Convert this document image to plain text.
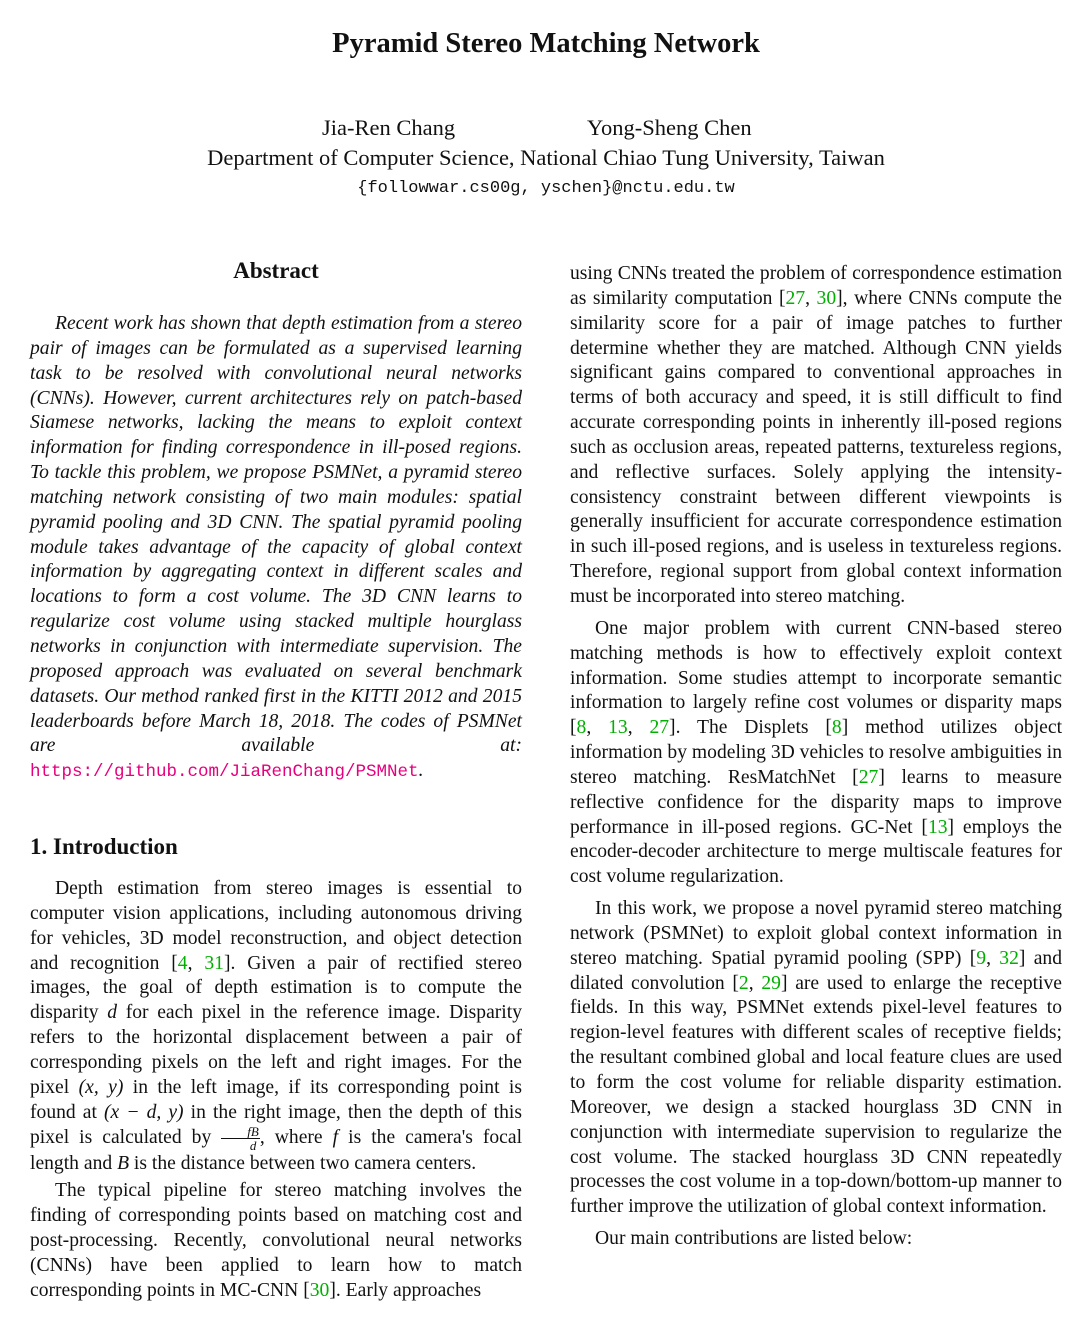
Pyramid Stereo Matching Network
Jia-Ren Chang	Yong-Sheng Chen
Department of Computer Science, National Chiao Tung University, Taiwan
{followwar.cs00g, yschen}@nctu.edu.tw
Abstract

Recent work has shown that depth estimation from a stereo pair of images can be formulated as a supervised learning task to be resolved with convolutional neural networks (CNNs). However, current architectures rely on patch-based Siamese networks, lacking the means to exploit context information for finding correspondence in ill-posed regions. To tackle this problem, we propose PSMNet, a pyramid stereo matching network consisting of two main modules: spatial pyramid pooling and 3D CNN. The spatial pyramid pooling module takes advantage of the capacity of global context information by aggregating context in different scales and locations to form a cost volume. The 3D CNN learns to regularize cost volume using stacked multiple hourglass networks in conjunction with intermediate supervision. The proposed approach was evaluated on several benchmark datasets. Our method ranked first in the KITTI 2012 and 2015 leaderboards before March 18, 2018. The codes of PSMNet are available at: https://github.com/JiaRenChang/PSMNet.

1. Introduction

Depth estimation from stereo images is essential to computer vision applications, including autonomous driving for vehicles, 3D model reconstruction, and object detection and recognition [4, 31]. Given a pair of rectified stereo images, the goal of depth estimation is to compute the disparity d for each pixel in the reference image. Disparity refers to the horizontal displacement between a pair of corresponding pixels on the left and right images. For the pixel (x, y) in the left image, if its corresponding point is found at (x − d, y) in the right image, then the depth of this pixel is calculated by $\frac{fB}{d}$ , where f is the camera's focal length and B is the distance between two camera centers.

The typical pipeline for stereo matching involves the finding of corresponding points based on matching cost and post-processing. Recently, convolutional neural networks (CNNs) have been applied to learn how to match corresponding points in MC-CNN [30]. Early approaches

using CNNs treated the problem of correspondence estimation as similarity computation [27, 30], where CNNs compute the similarity score for a pair of image patches to further determine whether they are matched. Although CNN yields significant gains compared to conventional approaches in terms of both accuracy and speed, it is still difficult to find accurate corresponding points in inherently ill-posed regions such as occlusion areas, repeated patterns, textureless regions, and reflective surfaces. Solely applying the intensity-consistency constraint between different viewpoints is generally insufficient for accurate correspondence estimation in such ill-posed regions, and is useless in textureless regions. Therefore, regional support from global context information must be incorporated into stereo matching.

One major problem with current CNN-based stereo matching methods is how to effectively exploit context information. Some studies attempt to incorporate semantic information to largely refine cost volumes or disparity maps [8, 13, 27]. The Displets [8] method utilizes object information by modeling 3D vehicles to resolve ambiguities in stereo matching. ResMatchNet [27] learns to measure reflective confidence for the disparity maps to improve performance in ill-posed regions. GC-Net [13] employs the encoder-decoder architecture to merge multiscale features for cost volume regularization.

In this work, we propose a novel pyramid stereo matching network (PSMNet) to exploit global context information in stereo matching. Spatial pyramid pooling (SPP) [9, 32] and dilated convolution [2, 29] are used to enlarge the receptive fields. In this way, PSMNet extends pixel-level features to region-level features with different scales of receptive fields; the resultant combined global and local feature clues are used to form the cost volume for reliable disparity estimation. Moreover, we design a stacked hourglass 3D CNN in conjunction with intermediate supervision to regularize the cost volume. The stacked hourglass 3D CNN repeatedly processes the cost volume in a top-down/bottom-up manner to further improve the utilization of global context information.

Our main contributions are listed below:
